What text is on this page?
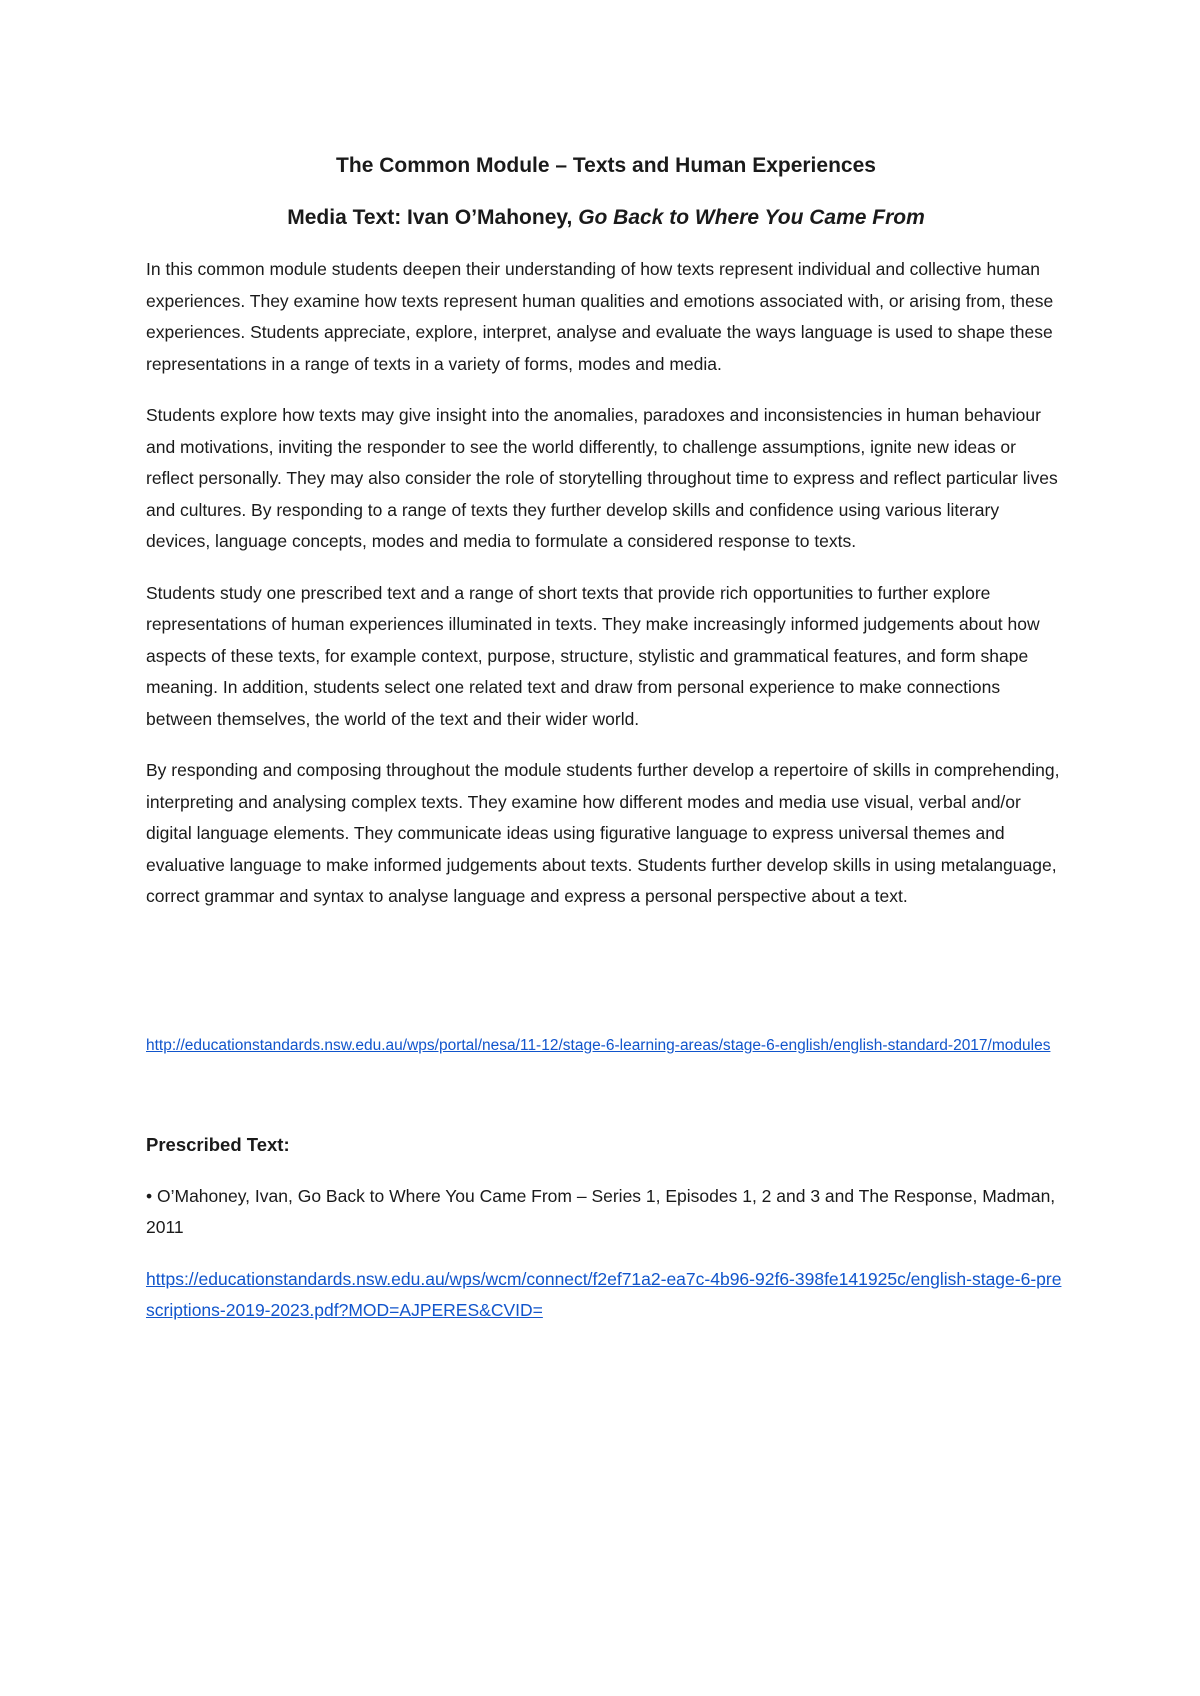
The Common Module – Texts and Human Experiences
Media Text: Ivan O’Mahoney, Go Back to Where You Came From

In this common module students deepen their understanding of how texts represent individual and collective human experiences. They examine how texts represent human qualities and emotions associated with, or arising from, these experiences. Students appreciate, explore, interpret, analyse and evaluate the ways language is used to shape these representations in a range of texts in a variety of forms, modes and media.

Students explore how texts may give insight into the anomalies, paradoxes and inconsistencies in human behaviour and motivations, inviting the responder to see the world differently, to challenge assumptions, ignite new ideas or reflect personally. They may also consider the role of storytelling throughout time to express and reflect particular lives and cultures. By responding to a range of texts they further develop skills and confidence using various literary devices, language concepts, modes and media to formulate a considered response to texts.

Students study one prescribed text and a range of short texts that provide rich opportunities to further explore representations of human experiences illuminated in texts. They make increasingly informed judgements about how aspects of these texts, for example context, purpose, structure, stylistic and grammatical features, and form shape meaning. In addition, students select one related text and draw from personal experience to make connections between themselves, the world of the text and their wider world.

By responding and composing throughout the module students further develop a repertoire of skills in comprehending, interpreting and analysing complex texts. They examine how different modes and media use visual, verbal and/or digital language elements. They communicate ideas using figurative language to express universal themes and evaluative language to make informed judgements about texts. Students further develop skills in using metalanguage, correct grammar and syntax to analyse language and express a personal perspective about a text.

http://educationstandards.nsw.edu.au/wps/portal/nesa/11-12/stage-6-learning-areas/stage-6-english/english-standard-2017/modules
Prescribed Text:

• O’Mahoney, Ivan, Go Back to Where You Came From – Series 1, Episodes 1, 2 and 3 and The Response, Madman, 2011

https://educationstandards.nsw.edu.au/wps/wcm/connect/f2ef71a2-ea7c-4b96-92f6-398fe141925c/english-stage-6-prescriptions-2019-2023.pdf?MOD=AJPERES&CVID=
